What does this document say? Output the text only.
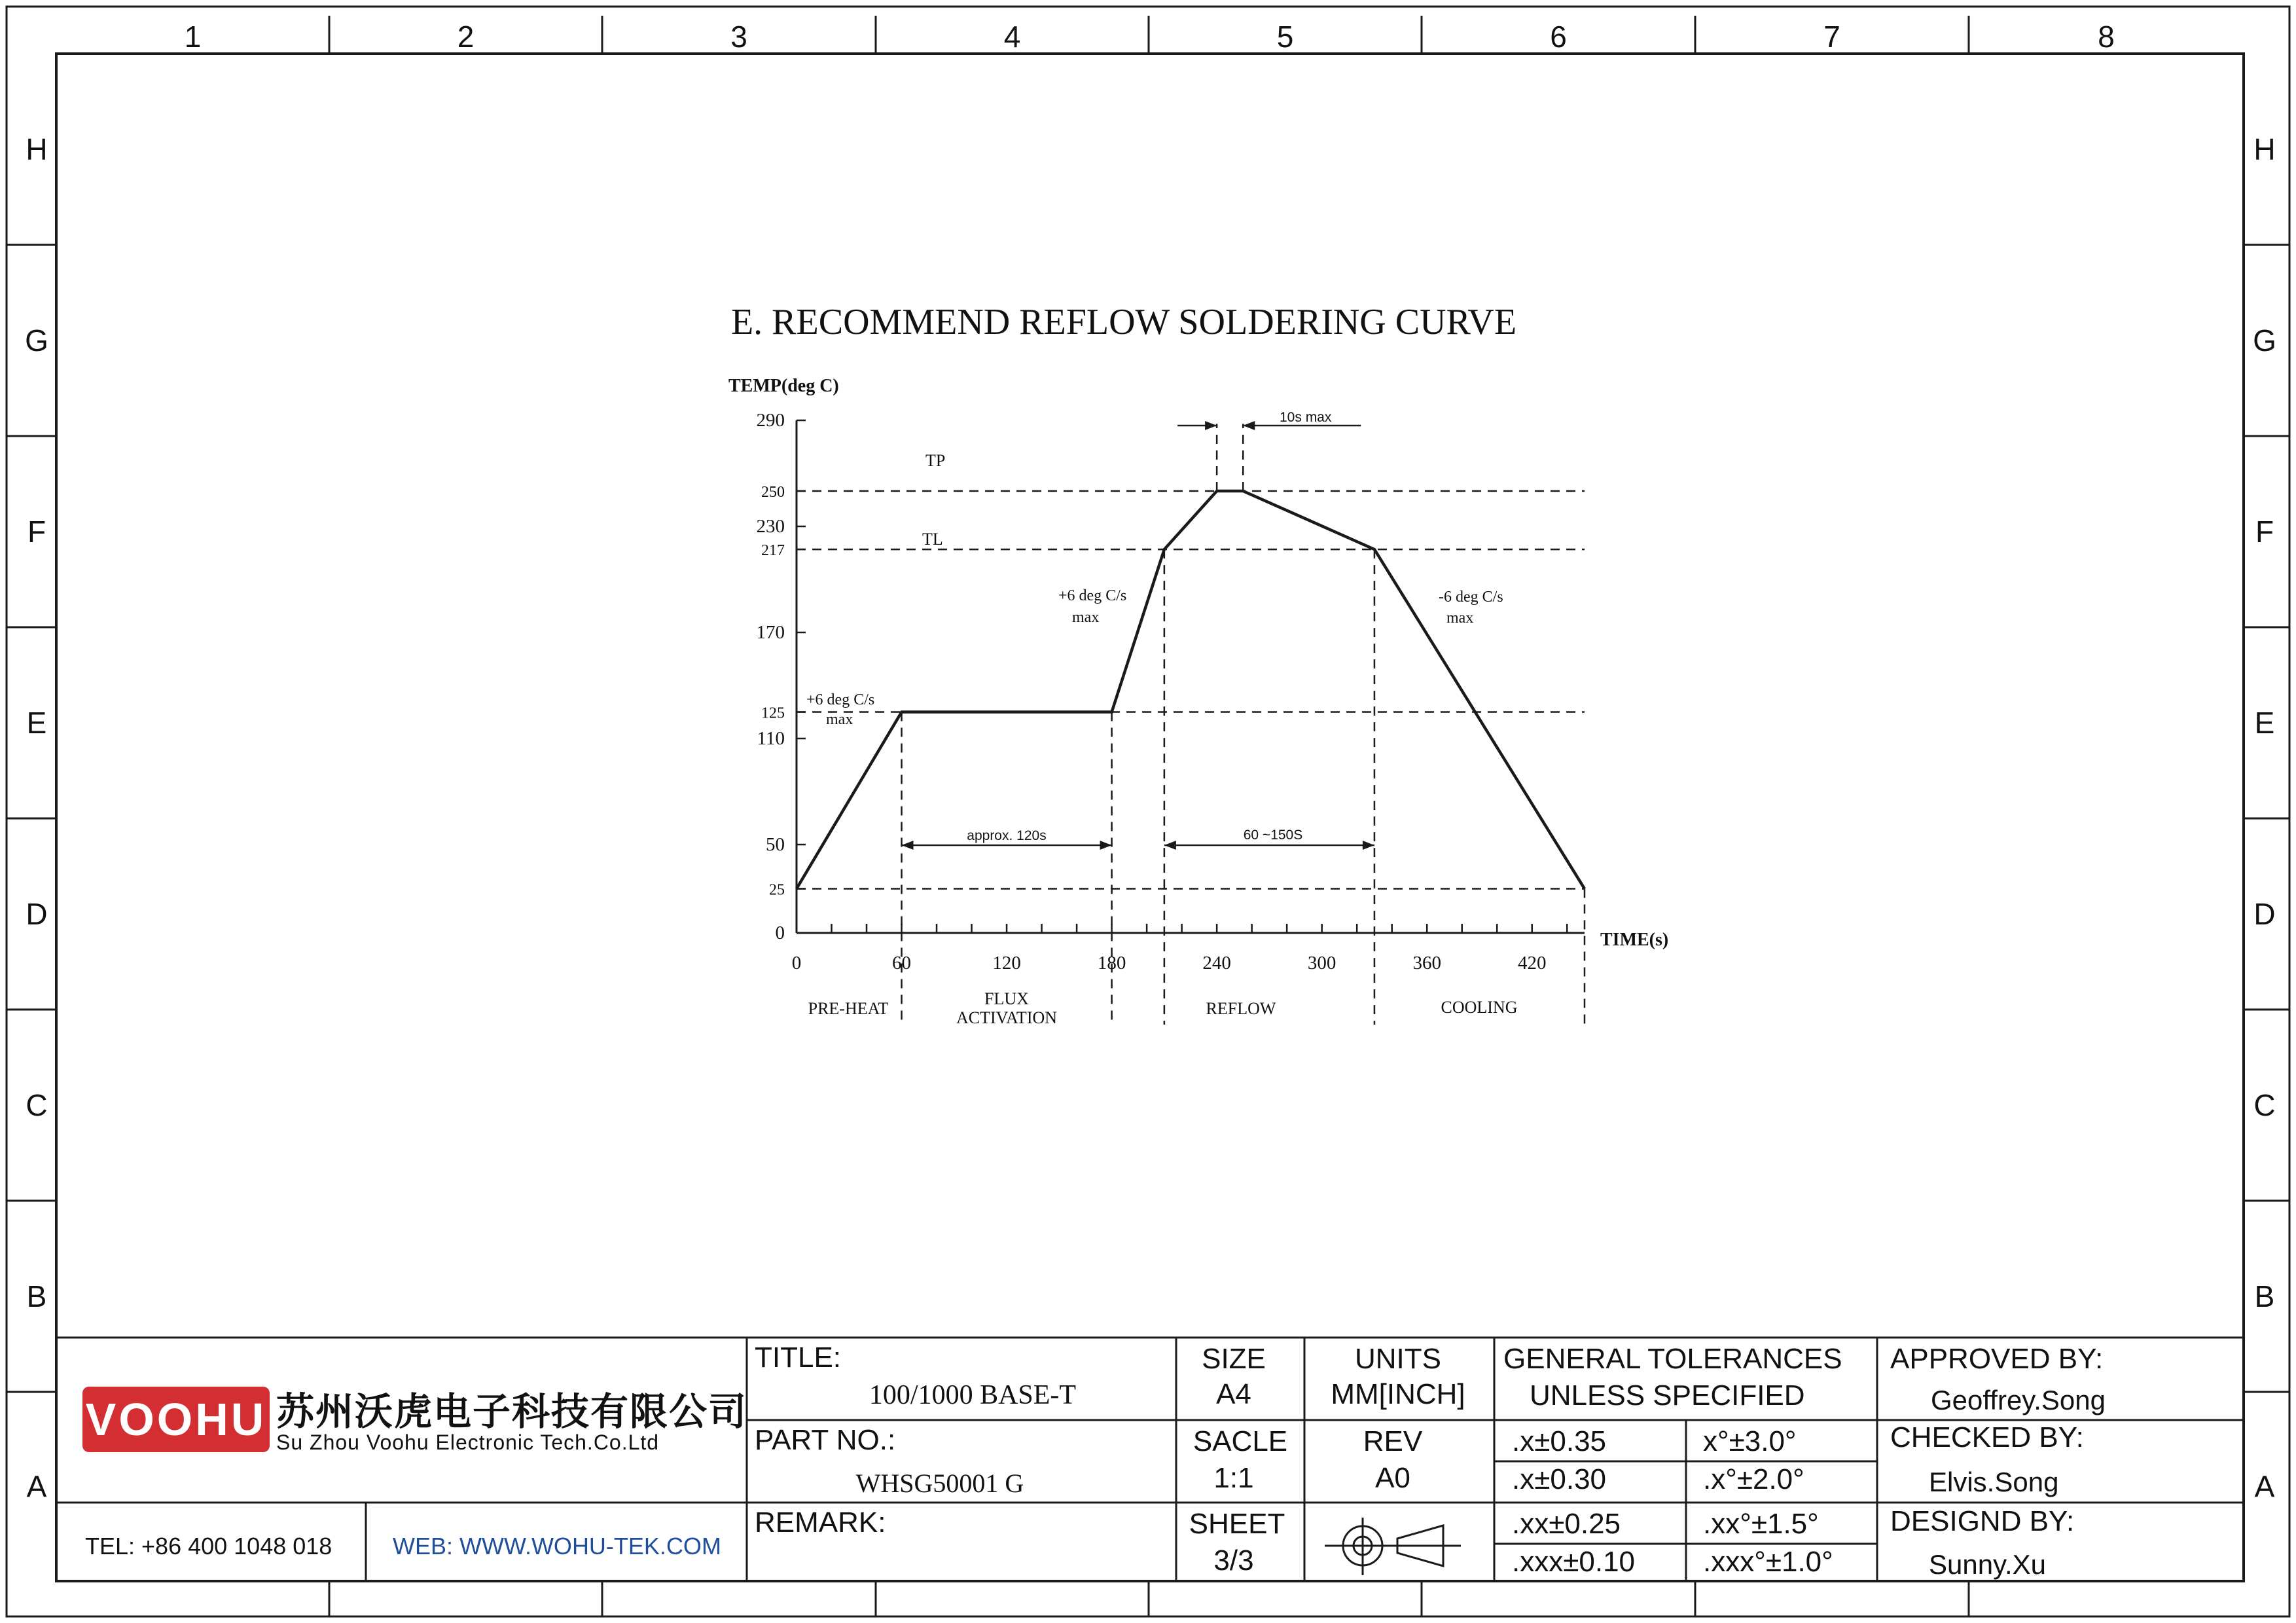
1	2	3	4	5	6	7	8
H	H
G	G
F	F
E	E
D	D
C	C
B	B
A	A
E. RECOMMEND REFLOW SOLDERING CURVE
TEMP(deg C)
TIME(s)
0
25
50
110
125
170
217
230
250
290
0	60	120	180	240	300	360	420
+6 deg C/s
max
+6 deg C/s
max
-6 deg C/s
max
approx. 120s	60 ~150S
10s max
TP
TL
PRE-HEAT
FLUX
ACTIVATION	REFLOW	COOLING
VOOHU 苏州沃虎电子科技有限公司
Su Zhou Voohu Electronic Tech.Co.Ltd
TEL: +86 400 1048 018	WEB: WWW.WOHU-TEK.COM
TITLE:
100/1000 BASE-T
PART NO.:
WHSG50001 G
REMARK:
SIZE
A4
UNITS
MM[INCH]
SACLE
1:1
REV
A0
SHEET
3/3
GENERAL TOLERANCES
UNLESS SPECIFIED
.x±0.35	x°±3.0°
.x±0.30	.x°±2.0°
.xx±0.25	.xx°±1.5°
.xxx±0.10 .xxx°±1.0°
APPROVED BY:
Geoffrey.Song
CHECKED BY:
Elvis.Song
DESIGND BY:
Sunny.Xu
